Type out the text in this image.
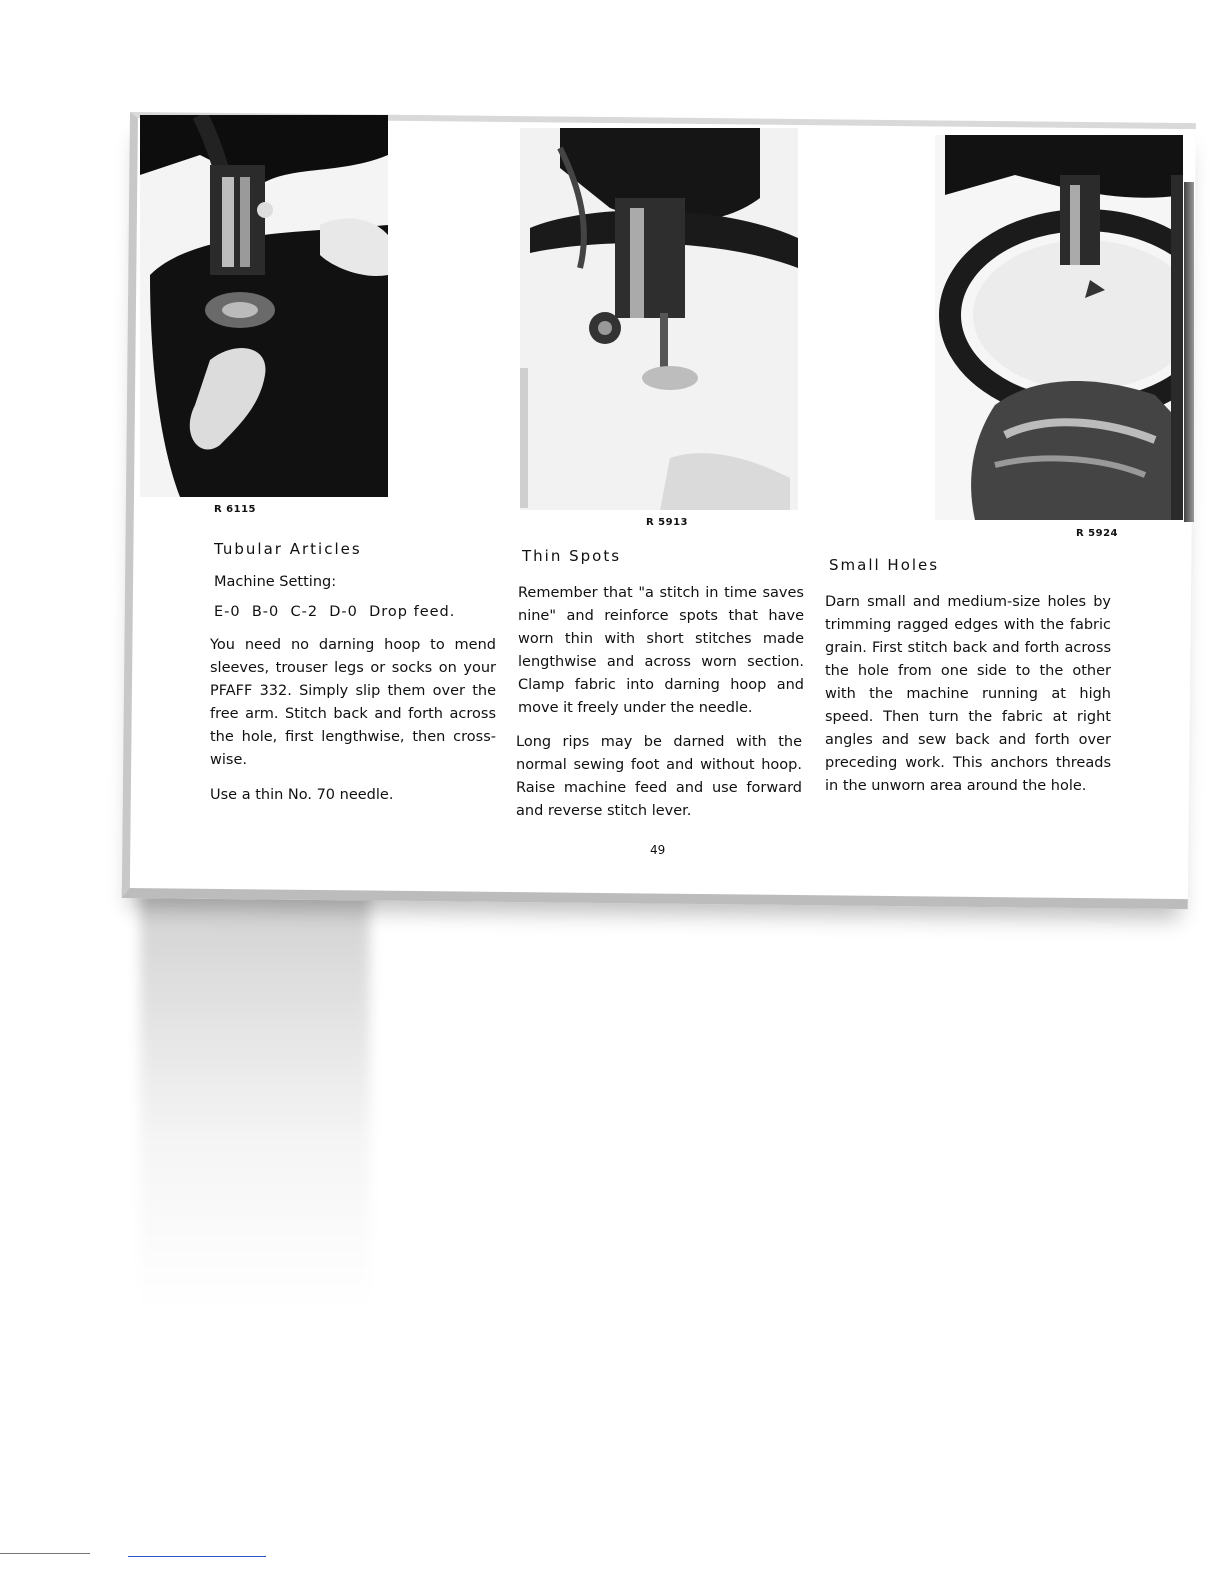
R 6115
R 5913
R 5924
Tubular Articles
Machine Setting:
E-0  B-0  C-2  D-0  Drop feed.

You need no darning hoop to mend sleeves, trouser legs or socks on your PFAFF 332. Simply slip them over the free arm. Stitch back and forth across the hole, first lengthwise, then cross-wise.

Use a thin No. 70 needle.

Thin Spots

Remember that "a stitch in time saves nine" and reinforce spots that have worn thin with short stitches made lengthwise and across worn section. Clamp fabric into darning hoop and move it freely under the needle.

Long rips may be darned with the normal sewing foot and without hoop. Raise machine feed and use forward and reverse stitch lever.

Small Holes

Darn small and medium-size holes by trimming ragged edges with the fabric grain. First stitch back and forth across the hole from one side to the other with the machine running at high speed. Then turn the fabric at right angles and sew back and forth over preceding work. This anchors threads in the unworn area around the hole.

49
